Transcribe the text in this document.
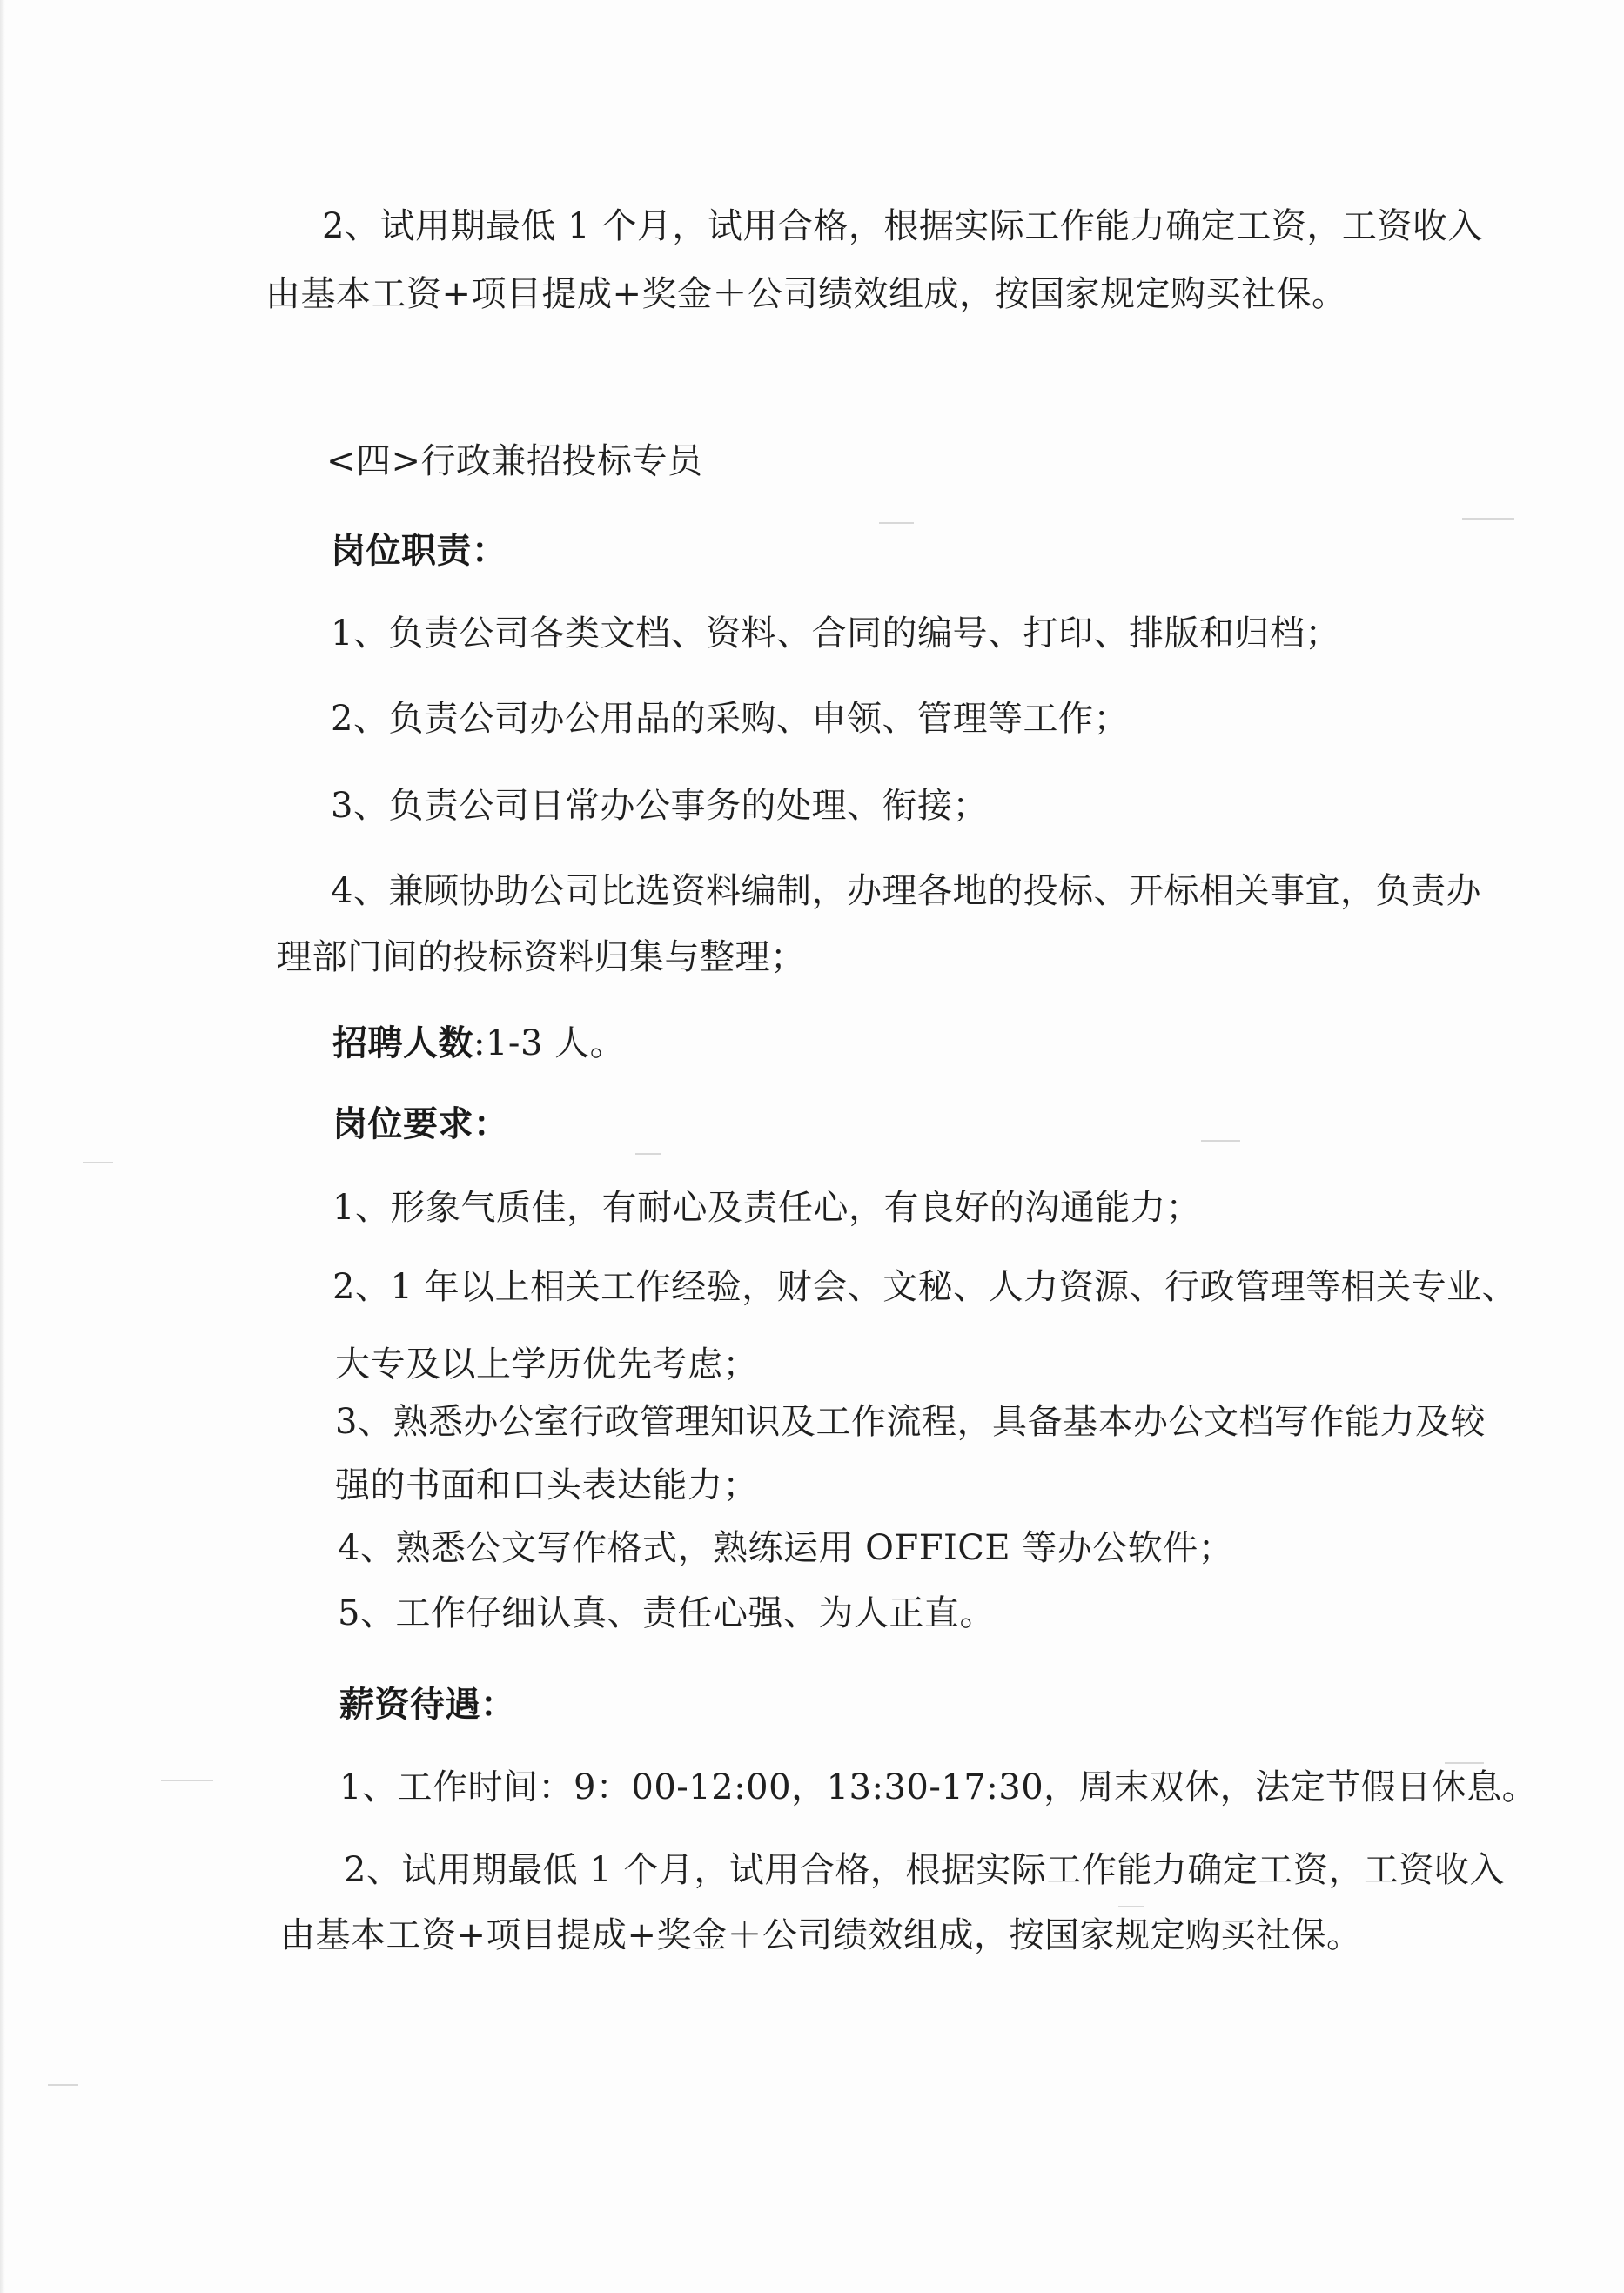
2、试用期最低 1 个月，试用合格，根据实际工作能力确定工资，工资收入
由基本工资+项目提成+奖金＋公司绩效组成，按国家规定购买社保。
<四>行政兼招投标专员
岗位职责：
1、负责公司各类文档、资料、合同的编号、打印、排版和归档；
2、负责公司办公用品的采购、申领、管理等工作；
3、负责公司日常办公事务的处理、衔接；
4、兼顾协助公司比选资料编制，办理各地的投标、开标相关事宜，负责办
理部门间的投标资料归集与整理；
招聘人数:1-3 人。
岗位要求：
1、形象气质佳，有耐心及责任心，有良好的沟通能力；
2、1 年以上相关工作经验，财会、文秘、人力资源、行政管理等相关专业、
大专及以上学历优先考虑；
3、熟悉办公室行政管理知识及工作流程，具备基本办公文档写作能力及较
强的书面和口头表达能力；
4、熟悉公文写作格式，熟练运用 OFFICE 等办公软件；
5、工作仔细认真、责任心强、为人正直。
薪资待遇：
1、工作时间：9：00-12:00，13:30-17:30，周末双休，法定节假日休息。
2、试用期最低 1 个月，试用合格，根据实际工作能力确定工资，工资收入
由基本工资+项目提成+奖金＋公司绩效组成，按国家规定购买社保。
